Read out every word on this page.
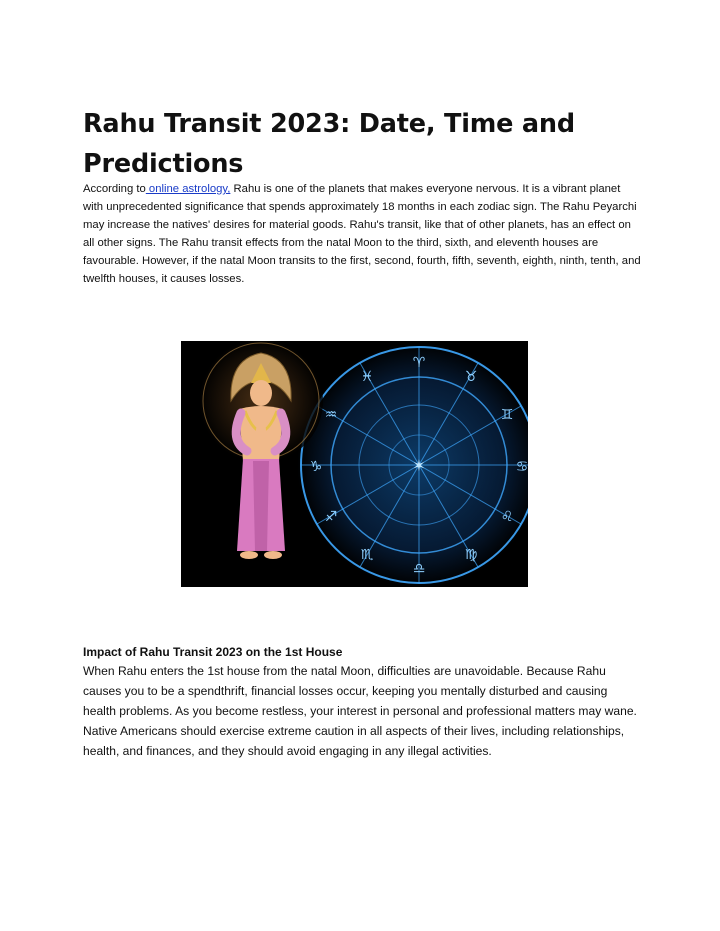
Rahu Transit 2023: Date, Time and Predictions

According to online astrology, Rahu is one of the planets that makes everyone nervous. It is a vibrant planet with unprecedented significance that spends approximately 18 months in each zodiac sign. The Rahu Peyarchi may increase the natives' desires for material goods. Rahu's transit, like that of other planets, has an effect on all other signs. The Rahu transit effects from the natal Moon to the third, sixth, and eleventh houses are favourable. However, if the natal Moon transits to the first, second, fourth, fifth, seventh, eighth, ninth, tenth, and twelfth houses, it causes losses.

♈
♉
♊
♋
♌
♍
♎
♏
♐
♑
♒
♓
✶
Impact of Rahu Transit 2023 on the 1st House

When Rahu enters the 1st house from the natal Moon, difficulties are unavoidable. Because Rahu causes you to be a spendthrift, financial losses occur, keeping you mentally disturbed and causing health problems. As you become restless, your interest in personal and professional matters may wane. Native Americans should exercise extreme caution in all aspects of their lives, including relationships, health, and finances, and they should avoid engaging in any illegal activities.
